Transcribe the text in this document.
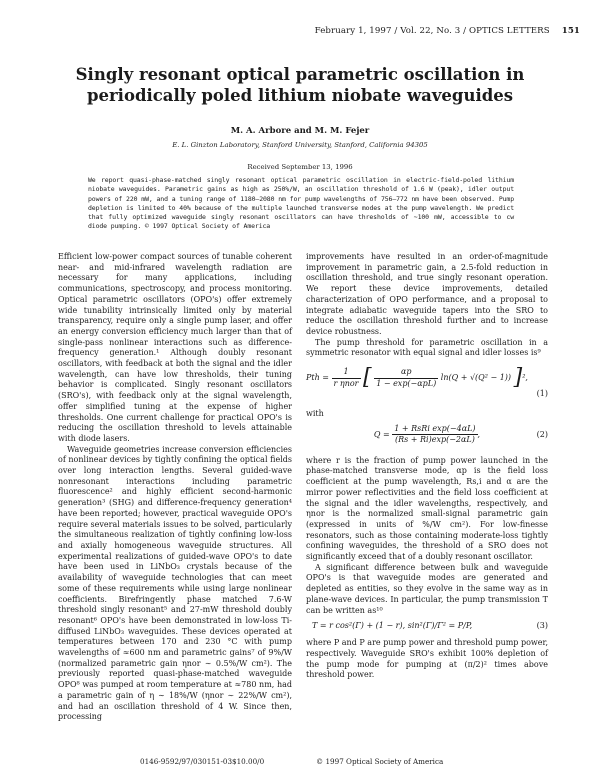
February 1, 1997 / Vol. 22, No. 3 / OPTICS LETTERS 151
Singly resonant optical parametric oscillation in
periodically poled lithium niobate waveguides
M. A. Arbore and M. M. Fejer
E. L. Ginzton Laboratory, Stanford University, Stanford, California 94305
Received September 13, 1996
We report quasi-phase-matched singly resonant optical parametric oscillation in electric-field-poled lithium niobate waveguides. Parametric gains as high as 250%/W, an oscillation threshold of 1.6 W (peak), idler output powers of 220 mW, and a tuning range of 1180–2080 nm for pump wavelengths of 756–772 nm have been observed. Pump depletion is limited to 40% because of the multiple launched transverse modes at the pump wavelength. We predict that fully optimized waveguide singly resonant oscillators can have thresholds of ∼100 mW, accessible to cw diode pumping. © 1997 Optical Society of America

Efficient low-power compact sources of tunable coherent near- and mid-infrared wavelength radiation are necessary for many applications, including communications, spectroscopy, and process monitoring. Optical parametric oscillators (OPO's) offer extremely wide tunability intrinsically limited only by material transparency, require only a single pump laser, and offer an energy conversion efficiency much larger than that of single-pass nonlinear interactions such as difference-frequency generation.¹ Although doubly resonant oscillators, with feedback at both the signal and the idler wavelength, can have low thresholds, their tuning behavior is complicated. Singly resonant oscillators (SRO's), with feedback only at the signal wavelength, offer simplified tuning at the expense of higher thresholds. One current challenge for practical OPO's is reducing the oscillation threshold to levels attainable with diode lasers.

Waveguide geometries increase conversion efficiencies of nonlinear devices by tightly confining the optical fields over long interaction lengths. Several guided-wave nonresonant interactions including parametric fluorescence² and highly efficient second-harmonic generation³ (SHG) and difference-frequency generation⁴ have been reported; however, practical waveguide OPO's require several materials issues to be solved, particularly the simultaneous realization of tightly confining low-loss and axially homogeneous waveguide structures. All experimental realizations of guided-wave OPO's to date have been used in LiNbO₃ crystals because of the availability of waveguide technologies that can meet some of these requirements while using large nonlinear coefficients. Birefringently phase matched 7.6-W threshold singly resonant⁵ and 27-mW threshold doubly resonant⁶ OPO's have been demonstrated in low-loss Ti-diffused LiNbO₃ waveguides. These devices operated at temperatures between 170 and 230 °C with pump wavelengths of ≈600 nm and parametric gains⁷ of 9%/W (normalized parametric gain ηnor ∼ 0.5%/W cm²). The previously reported quasi-phase-matched waveguide OPO⁸ was pumped at room temperature at ≈780 nm, had a parametric gain of η ∼ 18%/W (ηnor ∼ 22%/W cm²), and had an oscillation threshold of 4 W. Since then, processing

improvements have resulted in an order-of-magnitude improvement in parametric gain, a 2.5-fold reduction in oscillation threshold, and true singly resonant operation. We report these device improvements, detailed characterization of OPO performance, and a proposal to integrate adiabatic waveguide tapers into the SRO to reduce the oscillation threshold further and to increase device robustness.

The pump threshold for parametric oscillation in a symmetric resonator with equal signal and idler losses is⁹

Pth = $\frac{1}{\text{r ηnor}}$ [ $\frac{\alpha p}{\text{1 − exp(−αpL)}} \ln(Q + √(Q^2 - 1))$ ]²,
(1)

with

$Q = \frac{\text{1 + RsRi exp(−4αL)}}{(Rs + Ri)\exp(-2\alpha L)}$ ,	(2)

where r is the fraction of pump power launched in the phase-matched transverse mode, αp is the field loss coefficient at the pump wavelength, Rs,i and α are the mirror power reflectivities and the field loss coefficient at the signal and the idler wavelengths, respectively, and ηnor is the normalized small-signal parametric gain (expressed in units of %/W cm²). For low-finesse resonators, such as those containing moderate-loss tightly confining waveguides, the threshold of a SRO does not significantly exceed that of a doubly resonant oscillator.

A significant difference between bulk and waveguide OPO's is that waveguide modes are generated and depleted as entities, so they evolve in the same way as in plane-wave devices. In particular, the pump transmission T can be written as¹⁰

T = r cos²(Γ) + (1 − r), sin²(Γ)/Γ² = P/P,	(3)

where P and P are pump power and threshold pump power, respectively. Waveguide SRO's exhibit 100% depletion of the pump mode for pumping at (π/2)² times above threshold power.

0146-9592/97/030151-03$10.00/0	© 1997 Optical Society of America
